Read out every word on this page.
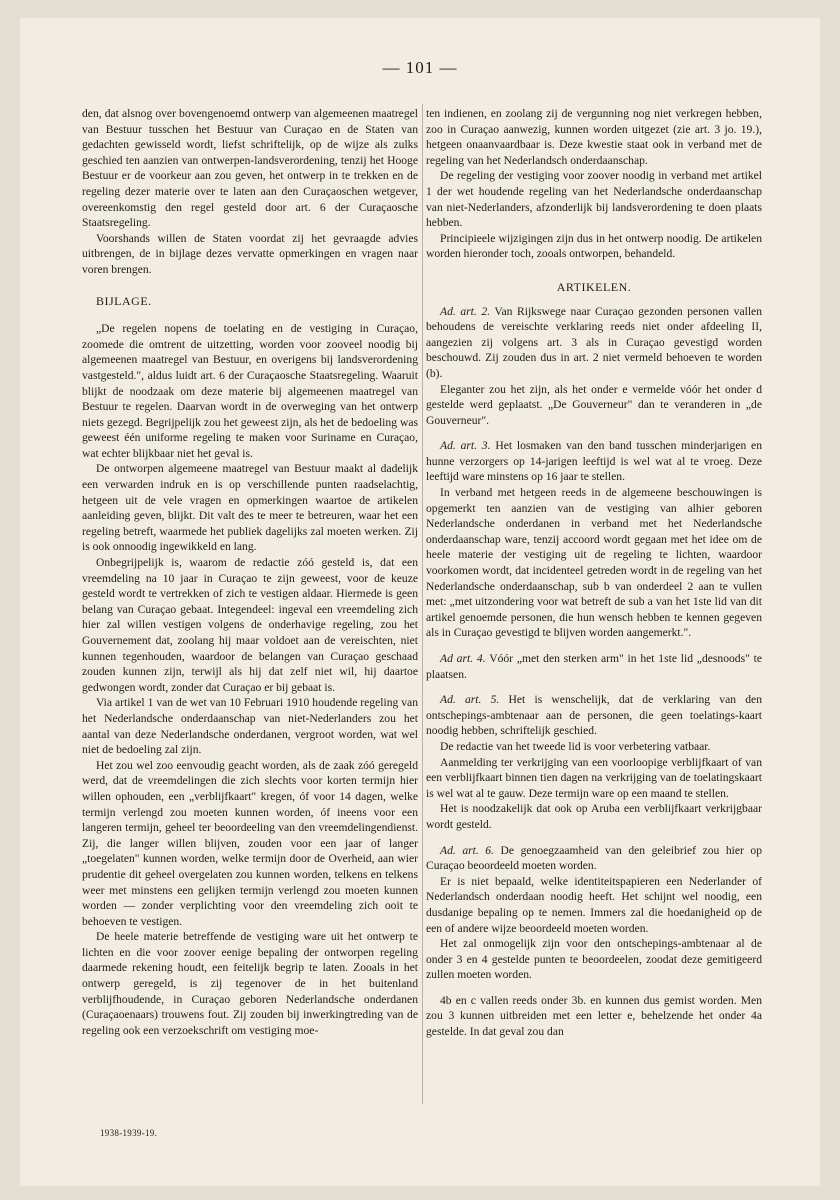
— 101 —

den, dat alsnog over bovengenoemd ontwerp van algemeenen maatregel van Bestuur tusschen het Bestuur van Curaçao en de Staten van gedachten gewisseld wordt, liefst schriftelijk, op de wijze als zulks geschied ten aanzien van ontwerpen-landsverordening, tenzij het Hooge Bestuur er de voorkeur aan zou geven, het ontwerp in te trekken en de regeling dezer materie over te laten aan den Curaçaoschen wetgever, overeenkomstig den regel gesteld door art. 6 der Curaçaosche Staatsregeling.

Voorshands willen de Staten voordat zij het gevraagde advies uitbrengen, de in bijlage dezes vervatte opmerkingen en vragen naar voren brengen.

BIJLAGE.

„De regelen nopens de toelating en de vestiging in Curaçao, zoomede die omtrent de uitzetting, worden voor zooveel noodig bij algemeenen maatregel van Bestuur, en overigens bij landsverordening vastgesteld.", aldus luidt art. 6 der Curaçaosche Staatsregeling. Waaruit blijkt de noodzaak om deze materie bij algemeenen maatregel van Bestuur te regelen. Daarvan wordt in de overweging van het ontwerp niets gezegd. Begrijpelijk zou het geweest zijn, als het de bedoeling was geweest één uniforme regeling te maken voor Suriname en Curaçao, wat echter blijkbaar niet het geval is.

De ontworpen algemeene maatregel van Bestuur maakt al dadelijk een verwarden indruk en is op verschillende punten raadselachtig, hetgeen uit de vele vragen en opmerkingen waartoe de artikelen aanleiding geven, blijkt. Dit valt des te meer te betreuren, waar het een regeling betreft, waarmede het publiek dagelijks zal moeten werken. Zij is ook onnoodig ingewikkeld en lang.

Onbegrijpelijk is, waarom de redactie zóó gesteld is, dat een vreemdeling na 10 jaar in Curaçao te zijn geweest, voor de keuze gesteld wordt te vertrekken of zich te vestigen aldaar. Hiermede is geen belang van Curaçao gebaat. Integendeel: ingeval een vreemdeling zich hier zal willen vestigen volgens de onderhavige regeling, zou het Gouvernement dat, zoolang hij maar voldoet aan de vereischten, niet kunnen tegenhouden, waardoor de belangen van Curaçao geschaad zouden kunnen zijn, terwijl als hij dat zelf niet wil, hij daartoe gedwongen wordt, zonder dat Curaçao er bij gebaat is.

Via artikel 1 van de wet van 10 Februari 1910 houdende regeling van het Nederlandsche onderdaanschap van niet-Nederlanders zou het aantal van deze Nederlandsche onderdanen, vergroot worden, wat wel niet de bedoeling zal zijn.

Het zou wel zoo eenvoudig geacht worden, als de zaak zóó geregeld werd, dat de vreemdelingen die zich slechts voor korten termijn hier willen ophouden, een „verblijfkaart" kregen, óf voor 14 dagen, welke termijn verlengd zou moeten kunnen worden, óf ineens voor een langeren termijn, geheel ter beoordeeling van den vreemdelingendienst. Zij, die langer willen blijven, zouden voor een jaar of langer „toegelaten" kunnen worden, welke termijn door de Overheid, aan wier prudentie dit geheel overgelaten zou kunnen worden, telkens en telkens weer met minstens een gelijken termijn verlengd zou moeten kunnen worden — zonder verplichting voor den vreemdeling zich ooit te behoeven te vestigen.

De heele materie betreffende de vestiging ware uit het ontwerp te lichten en die voor zoover eenige bepaling der ontworpen regeling daarmede rekening houdt, een feitelijk begrip te laten. Zooals in het ontwerp geregeld, is zij tegenover de in het buitenland verblijfhoudende, in Curaçao geboren Nederlandsche onderdanen (Curaçaoenaars) trouwens fout. Zij zouden bij inwerkingtreding van de regeling ook een verzoekschrift om vestiging moe-

ten indienen, en zoolang zij de vergunning nog niet verkregen hebben, zoo in Curaçao aanwezig, kunnen worden uitgezet (zie art. 3 jo. 19.), hetgeen onaanvaardbaar is. Deze kwestie staat ook in verband met de regeling van het Nederlandsch onderdaanschap.

De regeling der vestiging voor zoover noodig in verband met artikel 1 der wet houdende regeling van het Nederlandsche onderdaanschap van niet-Nederlanders, afzonderlijk bij landsverordening te doen plaats hebben.

Principieele wijzigingen zijn dus in het ontwerp noodig. De artikelen worden hieronder toch, zooals ontworpen, behandeld.

ARTIKELEN.

Ad. art. 2. Van Rijkswege naar Curaçao gezonden personen vallen behoudens de vereischte verklaring reeds niet onder afdeeling II, aangezien zij volgens art. 3 als in Curaçao gevestigd worden beschouwd. Zij zouden dus in art. 2 niet vermeld behoeven te worden (b).

Eleganter zou het zijn, als het onder e vermelde vóór het onder d gestelde werd geplaatst. „De Gouverneur" dan te veranderen in „de Gouverneur".

Ad. art. 3. Het losmaken van den band tusschen minderjarigen en hunne verzorgers op 14-jarigen leeftijd is wel wat al te vroeg. Deze leeftijd ware minstens op 16 jaar te stellen.

In verband met hetgeen reeds in de algemeene beschouwingen is opgemerkt ten aanzien van de vestiging van alhier geboren Nederlandsche onderdanen in verband met het Nederlandsche onderdaanschap ware, tenzij accoord wordt gegaan met het idee om de heele materie der vestiging uit de regeling te lichten, waardoor voorkomen wordt, dat incidenteel getreden wordt in de regeling van het Nederlandsche onderdaanschap, sub b van onderdeel 2 aan te vullen met: „met uitzondering voor wat betreft de sub a van het 1ste lid van dit artikel genoemde personen, die hun wensch hebben te kennen gegeven als in Curaçao gevestigd te blijven worden aangemerkt.".

Ad art. 4. Vóór „met den sterken arm" in het 1ste lid „desnoods" te plaatsen.

Ad. art. 5. Het is wenschelijk, dat de verklaring van den ontschepings-ambtenaar aan de personen, die geen toelatings-kaart noodig hebben, schriftelijk geschied.

De redactie van het tweede lid is voor verbetering vatbaar.

Aanmelding ter verkrijging van een voorloopige verblijfkaart of van een verblijfkaart binnen tien dagen na verkrijging van de toelatingskaart is wel wat al te gauw. Deze termijn ware op een maand te stellen.

Het is noodzakelijk dat ook op Aruba een verblijfkaart verkrijgbaar wordt gesteld.

Ad. art. 6. De genoegzaamheid van den geleibrief zou hier op Curaçao beoordeeld moeten worden.

Er is niet bepaald, welke identiteitspapieren een Nederlander of Nederlandsch onderdaan noodig heeft. Het schijnt wel noodig, een dusdanige bepaling op te nemen. Immers zal die hoedanigheid op de een of andere wijze beoordeeld moeten worden.

Het zal onmogelijk zijn voor den ontschepings-ambtenaar al de onder 3 en 4 gestelde punten te beoordeelen, zoodat deze gemitigeerd zullen moeten worden.

4b en c vallen reeds onder 3b. en kunnen dus gemist worden. Men zou 3 kunnen uitbreiden met een letter e, behelzende het onder 4a gestelde. In dat geval zou dan

1938-1939-19.
